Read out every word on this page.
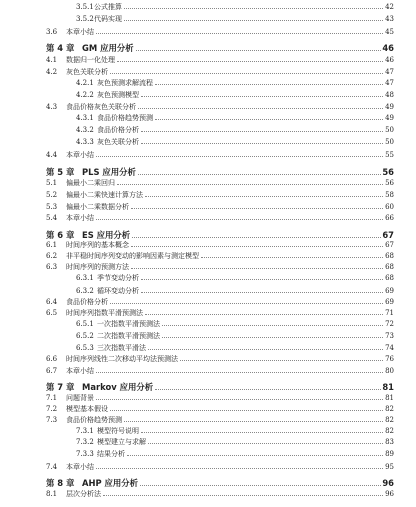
3.5.1 公式推算	42
3.5.2 代码实现	43
3.6	本章小结	45
第 4 章 GM 应用分析	46
4.1	数据归一化处理	46
4.2	灰色关联分析	47
4.2.1 灰色预测求解流程	47
4.2.2 灰色预测模型	48
4.3	食品价格灰色关联分析	49
4.3.1 食品价格趋势预测	49
4.3.2 食品价格分析	50
4.3.3 灰色关联分析	50
4.4	本章小结	55
第 5 章 PLS 应用分析	56
5.1	偏最小二乘回归	56
5.2	偏最小二乘快速计算方法	58
5.3	偏最小二乘数据分析	60
5.4	本章小结	66
第 6 章 ES 应用分析	67
6.1	时间序列的基本概念	67
6.2	非平稳时间序列变动的影响因素与测定模型	68
6.3	时间序列的预测方法	68
6.3.1 季节变动分析	68
6.3.2 循环变动分析	69
6.4	食品价格分析	69
6.5	时间序列指数平滑预测法	71
6.5.1 一次指数平滑预测法	72
6.5.2 二次指数平滑预测法	73
6.5.3 三次指数平滑法	74
6.6	时间序列线性二次移动平均法预测法	76
6.7	本章小结	80
第 7 章 Markov 应用分析	81
7.1	问题背景	81
7.2	模型基本假设	82
7.3	食品价格趋势预测	82
7.3.1 模型符号说明	82
7.3.2 模型建立与求解	83
7.3.3 结果分析	89
7.4	本章小结	95
第 8 章 AHP 应用分析	96
8.1	层次分析法	96
